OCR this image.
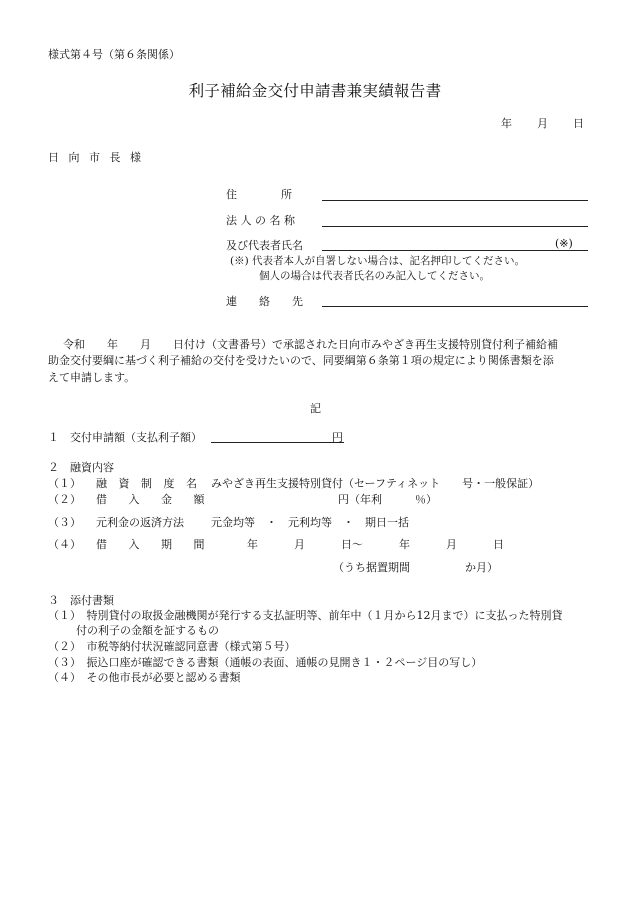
様式第４号（第６条関係）
利子補給金交付申請書兼実績報告書
年 月 日
日 向 市 長 様
住　　　　所
法 人 の 名 称
及び代表者氏名	(※)
(※) 代表者本人が自署しない場合は、記名押印してください。
個人の場合は代表者氏名のみ記入してください。
連　　絡　　先
令和　　年　　月　　日付け（文書番号）で承認された日向市みやざき再生支援特別貸付利子補給補
助金交付要綱に基づく利子補給の交付を受けたいので、同要綱第６条第１項の規定により関係書類を添
えて申請します。
記
１　交付申請額（支払利子額）	円
２　融資内容
（１） 融 資 制 度 名 みやざき再生支援特別貸付（セーフティネット　　号・一般保証）
（２） 借 入 金 額	円（年利　　　％）
（３） 元利金の返済方法 元金均等　・　元利均等　・　期日一括
（４） 借 入 期 間	年	月	日～	年	月	日
（うち据置期間　　　　　か月）
３　添付書類
（１）　特別貸付の取扱金融機関が発行する支払証明等、前年中（１月から12月まで）に支払った特別貸
付の利子の金額を証するもの
（２）　市税等納付状況確認同意書（様式第５号）
（３）　振込口座が確認できる書類（通帳の表面、通帳の見開き１・２ページ目の写し）
（４）　その他市長が必要と認める書類
